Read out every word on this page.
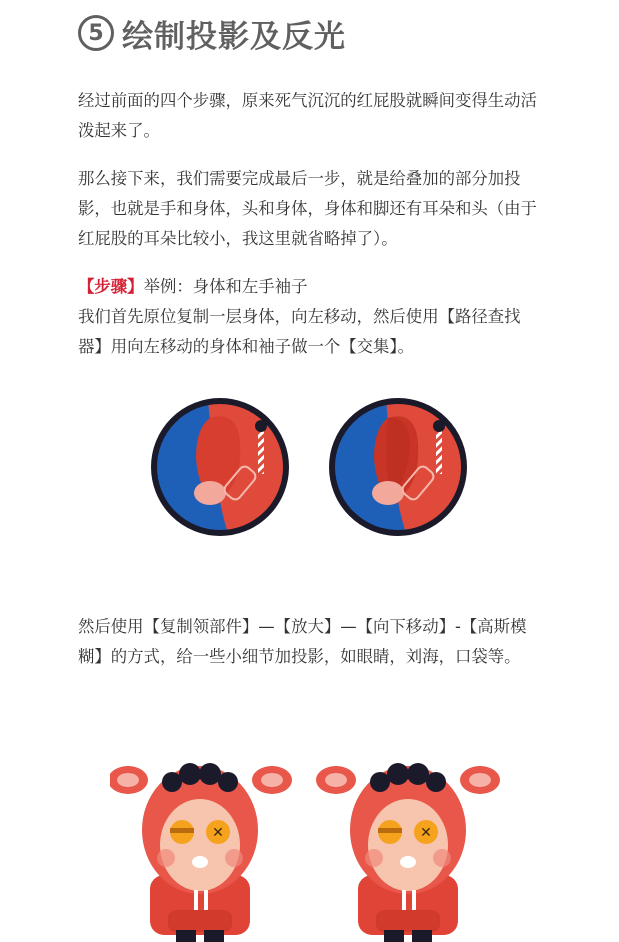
5 绘制投影及反光

经过前面的四个步骤，原来死气沉沉的红屁股就瞬间变得生动活泼起来了。

那么接下来，我们需要完成最后一步，就是给叠加的部分加投影，也就是手和身体，头和身体，身体和脚还有耳朵和头（由于红屁股的耳朵比较小，我这里就省略掉了）。

【步骤】举例：身体和左手袖子
我们首先原位复制一层身体，向左移动，然后使用【路径查找器】用向左移动的身体和袖子做一个【交集】。

然后使用【复制领部件】—【放大】—【向下移动】-【高斯模糊】的方式，给一些小细节加投影，如眼睛，刘海，口袋等。
